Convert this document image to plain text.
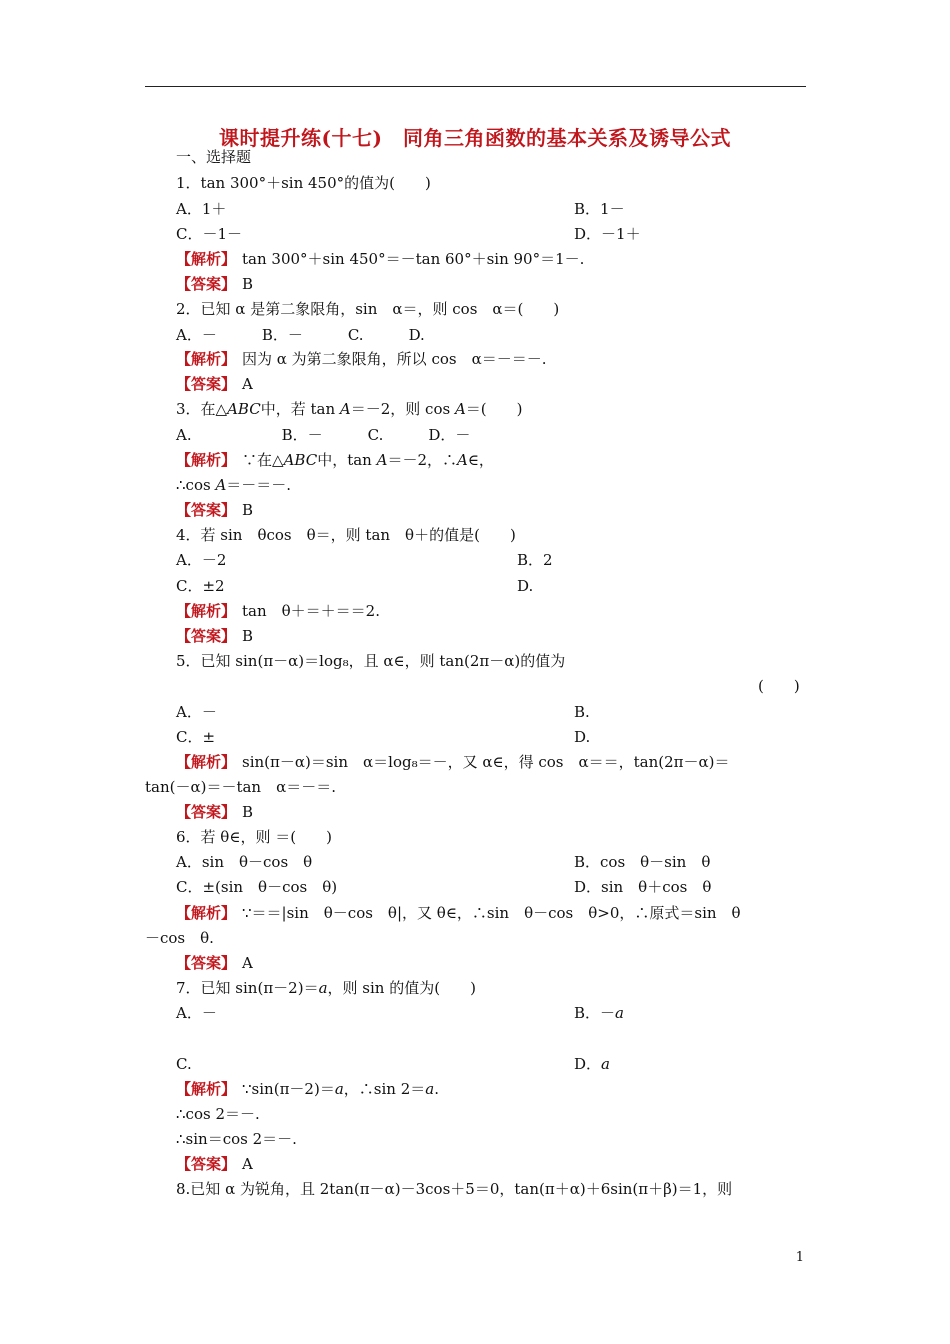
课时提升练(十七)　同角三角函数的基本关系及诱导公式
一、选择题
1．tan 300°＋sin 450°的值为(　　)
A．1＋	B．1－
C．－1－	D．－1＋
【解析】 tan 300°＋sin 450°＝－tan 60°＋sin 90°＝1－.
【答案】 B
2．已知 α 是第二象限角，sin　α＝，则 cos　α＝(　　)
A．－　　　B．－　　　C.　　　D.
【解析】 因为 α 为第二象限角，所以 cos　α＝－＝－.
【答案】 A
3．在△ABC中，若 tan A＝－2，则 cos A＝(　　)
A.　　　　　　B．－　　　C.　　　D．－
【解析】 ∵在△ABC中，tan A＝－2，∴A∈，
∴cos A＝－＝－.
【答案】 B
4．若 sin　θcos　θ＝，则 tan　θ＋的值是(　　)
A．－2	B．2
C．±2	D.
【解析】 tan　θ＋＝＋＝＝2.
【答案】 B
5．已知 sin(π－α)＝log₈，且 α∈，则 tan(2π－α)的值为
(　　)
A．－	B.
C．±	D.
【解析】 sin(π－α)＝sin　α＝log₈＝－，又 α∈，得 cos　α＝＝，tan(2π－α)＝
tan(－α)＝－tan　α＝－＝.
【答案】 B
6．若 θ∈，则 ＝(　　)
A．sin　θ－cos　θ	B．cos　θ－sin　θ
C．±(sin　θ－cos　θ)	D．sin　θ＋cos　θ
【解析】 ∵＝＝|sin　θ－cos　θ|，又 θ∈，∴sin　θ－cos　θ>0，∴原式＝sin　θ
－cos　θ.
【答案】 A
7．已知 sin(π－2)＝a，则 sin 的值为(　　)
A．－	B．－a
C.	D．a
【解析】 ∵sin(π－2)＝a，∴sin 2＝a.
∴cos 2＝－.
∴sin＝cos 2＝－.
【答案】 A
8.已知 α 为锐角，且 2tan(π－α)－3cos＋5＝0，tan(π＋α)＋6sin(π＋β)＝1，则
1
